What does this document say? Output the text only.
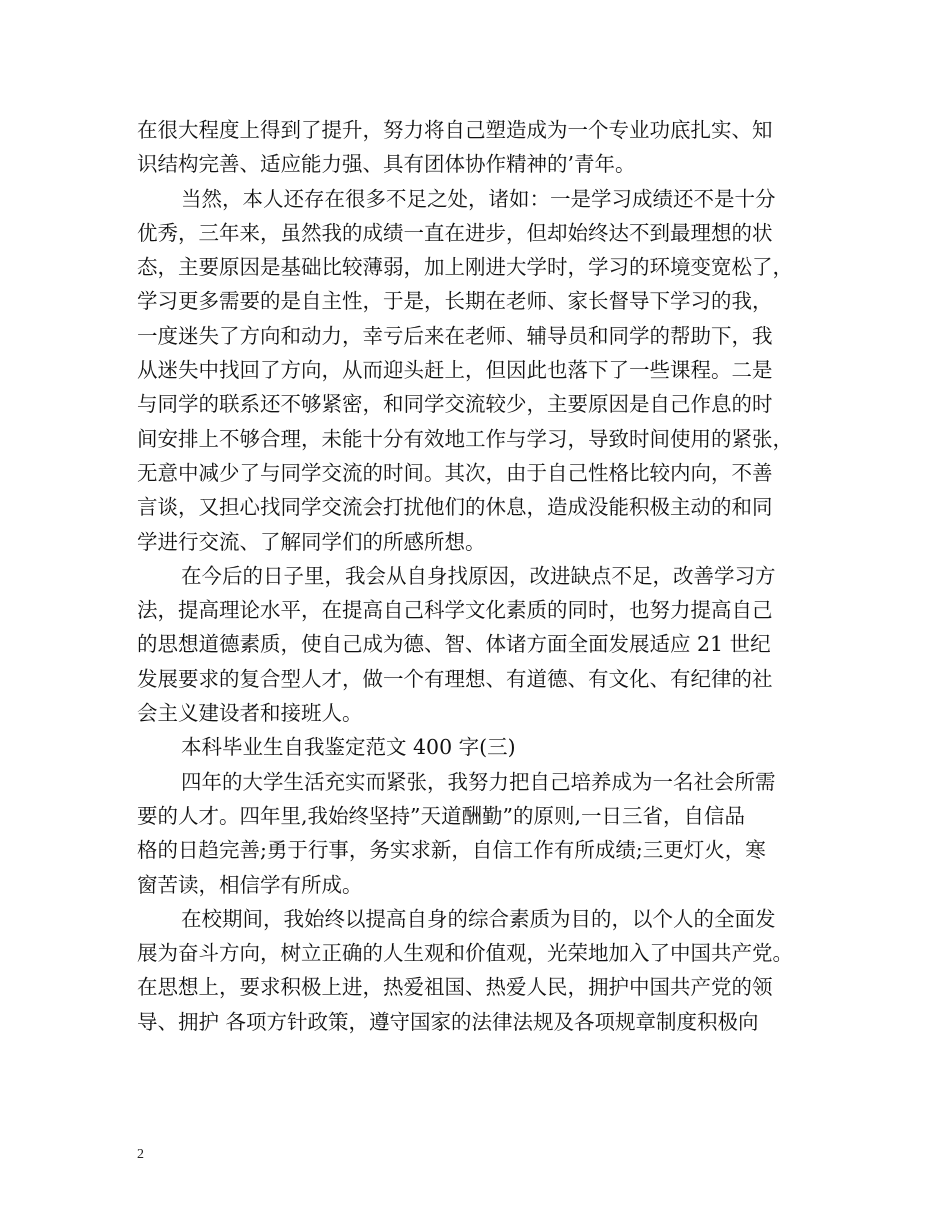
在很大程度上得到了提升，努力将自己塑造成为一个专业功底扎实、知
识结构完善、适应能力强、具有团体协作精神的’青年。
当然，本人还存在很多不足之处，诸如：一是学习成绩还不是十分
优秀，三年来，虽然我的成绩一直在进步，但却始终达不到最理想的状
态，主要原因是基础比较薄弱，加上刚进大学时，学习的环境变宽松了，
学习更多需要的是自主性，于是，长期在老师、家长督导下学习的我，
一度迷失了方向和动力，幸亏后来在老师、辅导员和同学的帮助下，我
从迷失中找回了方向，从而迎头赶上，但因此也落下了一些课程。二是
与同学的联系还不够紧密，和同学交流较少，主要原因是自己作息的时
间安排上不够合理，未能十分有效地工作与学习，导致时间使用的紧张，
无意中减少了与同学交流的时间。其次，由于自己性格比较内向，不善
言谈，又担心找同学交流会打扰他们的休息，造成没能积极主动的和同
学进行交流、了解同学们的所感所想。
在今后的日子里，我会从自身找原因，改进缺点不足，改善学习方
法，提高理论水平，在提高自己科学文化素质的同时，也努力提高自己
的思想道德素质，使自己成为德、智、体诸方面全面发展适应 21 世纪
发展要求的复合型人才，做一个有理想、有道德、有文化、有纪律的社
会主义建设者和接班人。
本科毕业生自我鉴定范文 400 字(三)
四年的大学生活充实而紧张，我努力把自己培养成为一名社会所需
要的人才。四年里,我始终坚持”天道酬勤”的原则,一日三省，自信品
格的日趋完善;勇于行事，务实求新，自信工作有所成绩;三更灯火，寒
窗苦读，相信学有所成。
在校期间，我始终以提高自身的综合素质为目的，以个人的全面发
展为奋斗方向，树立正确的人生观和价值观，光荣地加入了中国共产党。
在思想上，要求积极上进，热爱祖国、热爱人民，拥护中国共产党的领
导、拥护 各项方针政策，遵守国家的法律法规及各项规章制度积极向
2
